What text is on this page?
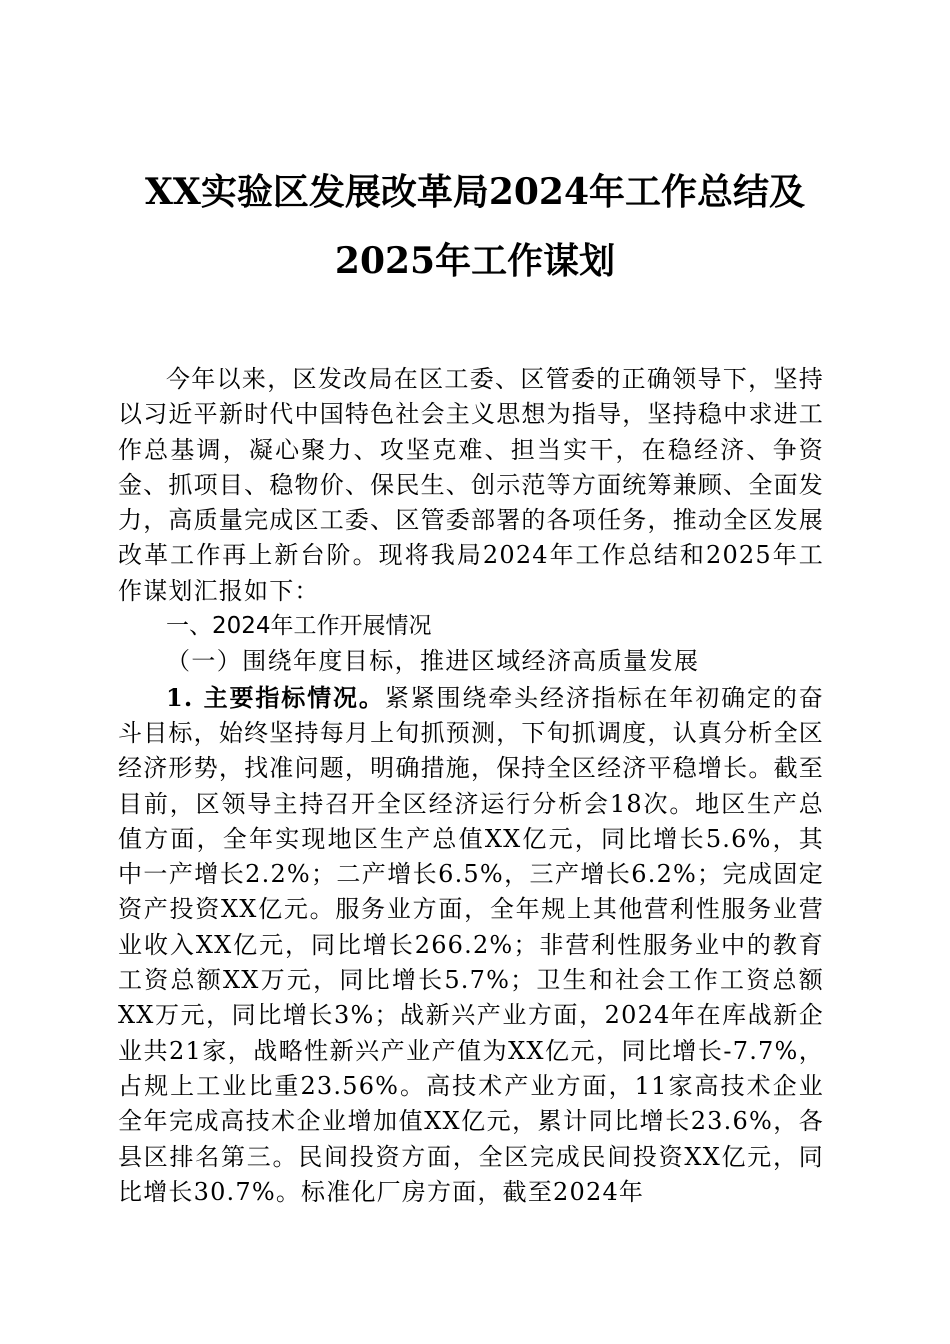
XX实验区发展改革局2024年工作总结及
2025年工作谋划

今年以来，区发改局在区工委、区管委的正确领导下，坚持以习近平新时代中国特色社会主义思想为指导，坚持稳中求进工作总基调，凝心聚力、攻坚克难、担当实干，在稳经济、争资金、抓项目、稳物价、保民生、创示范等方面统筹兼顾、全面发力，高质量完成区工委、区管委部署的各项任务，推动全区发展改革工作再上新台阶。现将我局2024年工作总结和2025年工作谋划汇报如下：

一、2024年工作开展情况

（一）围绕年度目标，推进区域经济高质量发展

1. 主要指标情况。紧紧围绕牵头经济指标在年初确定的奋斗目标，始终坚持每月上旬抓预测，下旬抓调度，认真分析全区经济形势，找准问题，明确措施，保持全区经济平稳增长。截至目前，区领导主持召开全区经济运行分析会18次。地区生产总值方面，全年实现地区生产总值XX亿元，同比增长5.6%，其中一产增长2.2%；二产增长6.5%，三产增长6.2%；完成固定资产投资XX亿元。服务业方面，全年规上其他营利性服务业营业收入XX亿元，同比增长266.2%；非营利性服务业中的教育工资总额XX万元，同比增长5.7%；卫生和社会工作工资总额XX万元，同比增长3%；战新兴产业方面，2024年在库战新企业共21家，战略性新兴产业产值为XX亿元，同比增长-7.7%，占规上工业比重23.56%。高技术产业方面，11家高技术企业全年完成高技术企业增加值XX亿元，累计同比增长23.6%，各县区排名第三。民间投资方面，全区完成民间投资XX亿元，同比增长30.7%。标准化厂房方面，截至2024年
